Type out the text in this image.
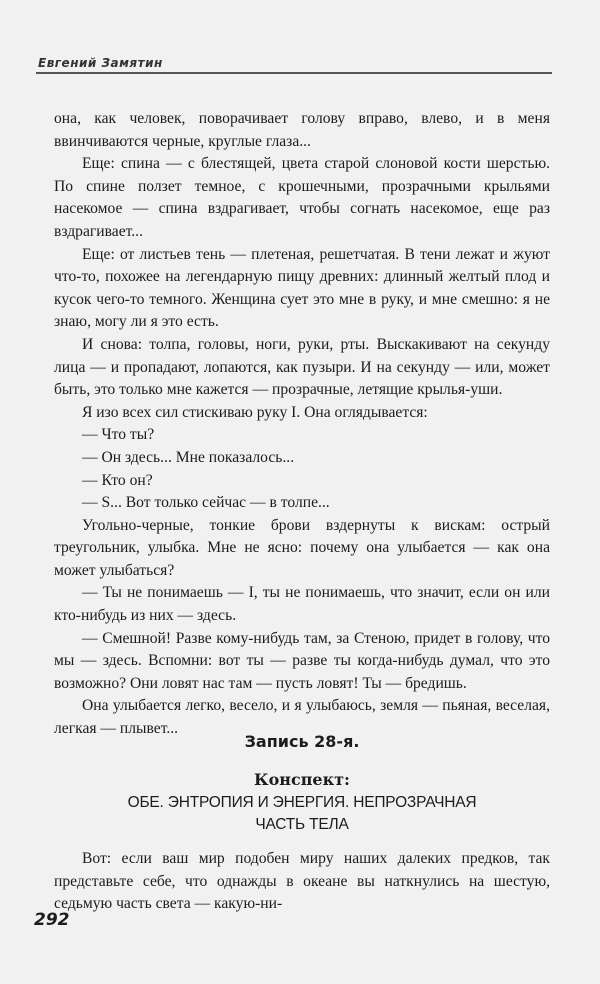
Евгений Замятин

она, как человек, поворачивает голову вправо, влево, и в меня ввинчиваются черные, круглые глаза...

Еще: спина — с блестящей, цвета старой слоновой кости шерстью. По спине ползет темное, с крошечными, прозрачными крыльями насекомое — спина вздрагивает, чтобы согнать насекомое, еще раз вздрагивает...

Еще: от листьев тень — плетеная, решетчатая. В тени лежат и жуют что-то, похожее на легендарную пищу древних: длинный желтый плод и кусок чего-то темного. Женщина сует это мне в руку, и мне смешно: я не знаю, могу ли я это есть.

И снова: толпа, головы, ноги, руки, рты. Выскакивают на секунду лица — и пропадают, лопаются, как пузыри. И на секунду — или, может быть, это только мне кажется — прозрачные, летящие крылья-уши.

Я изо всех сил стискиваю руку I. Она оглядывается:

— Что ты?

— Он здесь... Мне показалось...

— Кто он?

— S... Вот только сейчас — в толпе...

Угольно-черные, тонкие брови вздернуты к вискам: острый треугольник, улыбка. Мне не ясно: почему она улыбается — как она может улыбаться?

— Ты не понимаешь — I, ты не понимаешь, что значит, если он или кто-нибудь из них — здесь.

— Смешной! Разве кому-нибудь там, за Стеною, придет в голову, что мы — здесь. Вспомни: вот ты — разве ты когда-нибудь думал, что это возможно? Они ловят нас там — пусть ловят! Ты — бредишь.

Она улыбается легко, весело, и я улыбаюсь, земля — пьяная, веселая, легкая — плывет...

Запись 28-я.
Конспект:
ОБЕ. ЭНТРОПИЯ И ЭНЕРГИЯ. НЕПРОЗРАЧНАЯ
ЧАСТЬ ТЕЛА

Вот: если ваш мир подобен миру наших далеких предков, так представьте себе, что однажды в океане вы наткнулись на шестую, седьмую часть света — какую-ни-

292
